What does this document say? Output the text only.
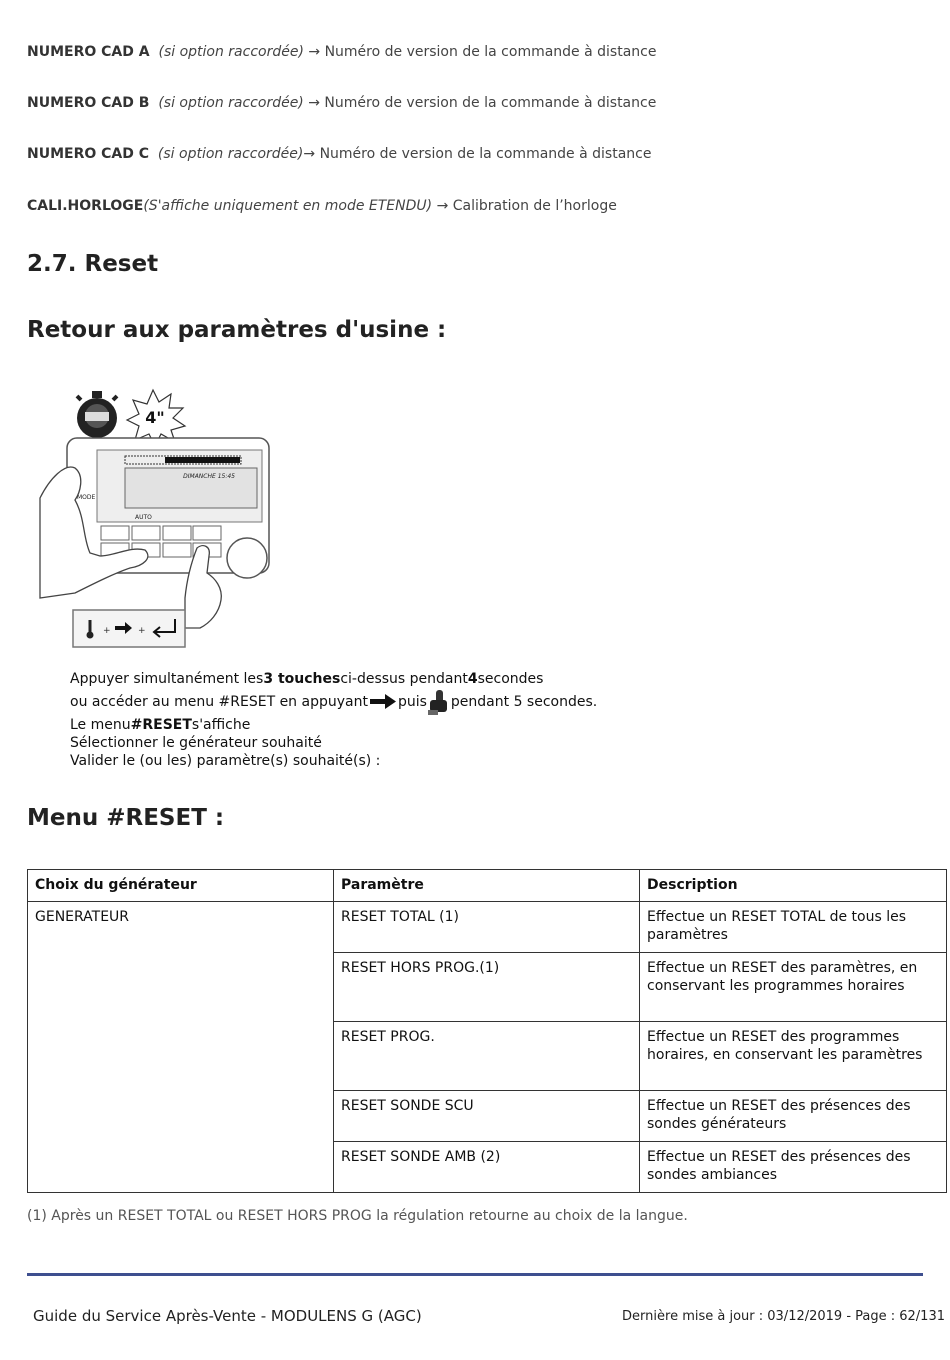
NUMERO CAD A (si option raccordée) → Numéro de version de la commande à distance
NUMERO CAD B (si option raccordée) → Numéro de version de la commande à distance
NUMERO CAD C (si option raccordée)→ Numéro de version de la commande à distance
CALI.HORLOGE(S'affiche uniquement en mode ETENDU) → Calibration de l’horloge
2.7. Reset
Retour aux paramètres d'usine :
4"
DIMANCHE 15:45
MODE
AUTO
+	+
Appuyer simultanément les 3 touches ci-dessus pendant 4 secondes
ou accéder au menu #RESET en appuyant puis pendant 5 secondes.
Le menu #RESET s'affiche
Sélectionner le générateur souhaité
Valider le (ou les) paramètre(s) souhaité(s) :
Menu #RESET :
Choix du générateur	Paramètre	Description
GENERATEUR	RESET TOTAL (1)	Effectue un RESET TOTAL de tous les paramètres
	RESET HORS PROG.(1)	Effectue un RESET des paramètres, en conservant les programmes horaires
	RESET PROG.	Effectue un RESET des programmes horaires, en conservant les paramètres
	RESET SONDE SCU	Effectue un RESET des présences des sondes générateurs
	RESET SONDE AMB (2)	Effectue un RESET des présences des sondes ambiances
(1) Après un RESET TOTAL ou RESET HORS PROG la régulation retourne au choix de la langue.
Guide du Service Après-Vente - MODULENS G (AGC)	Dernière mise à jour : 03/12/2019 - Page : 62/131
